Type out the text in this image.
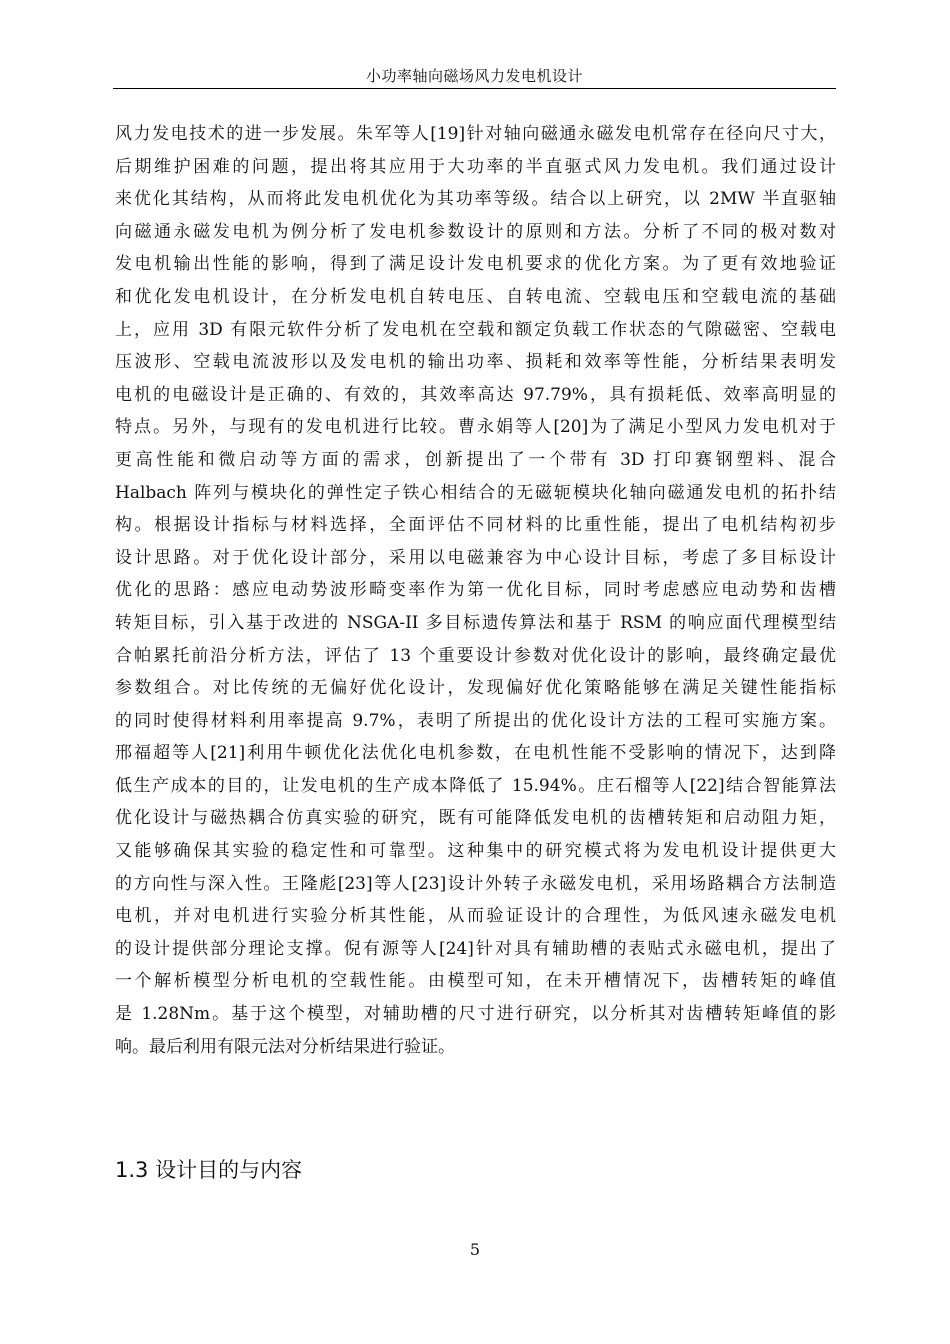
小功率轴向磁场风力发电机设计
风力发电技术的进一步发展。朱军等人[19]针对轴向磁通永磁发电机常存在径向尺寸大，
后期维护困难的问题，提出将其应用于大功率的半直驱式风力发电机。我们通过设计
来优化其结构，从而将此发电机优化为其功率等级。结合以上研究，以 2MW 半直驱轴
向磁通永磁发电机为例分析了发电机参数设计的原则和方法。分析了不同的极对数对
发电机输出性能的影响，得到了满足设计发电机要求的优化方案。为了更有效地验证
和优化发电机设计，在分析发电机自转电压、自转电流、空载电压和空载电流的基础
上，应用 3D 有限元软件分析了发电机在空载和额定负载工作状态的气隙磁密、空载电
压波形、空载电流波形以及发电机的输出功率、损耗和效率等性能，分析结果表明发
电机的电磁设计是正确的、有效的，其效率高达 97.79%，具有损耗低、效率高明显的
特点。另外，与现有的发电机进行比较。曹永娟等人[20]为了满足小型风力发电机对于
更高性能和微启动等方面的需求，创新提出了一个带有 3D 打印赛钢塑料、混合
Halbach 阵列与模块化的弹性定子铁心相结合的无磁轭模块化轴向磁通发电机的拓扑结
构。根据设计指标与材料选择，全面评估不同材料的比重性能，提出了电机结构初步
设计思路。对于优化设计部分，采用以电磁兼容为中心设计目标，考虑了多目标设计
优化的思路：感应电动势波形畸变率作为第一优化目标，同时考虑感应电动势和齿槽
转矩目标，引入基于改进的 NSGA-II 多目标遗传算法和基于 RSM 的响应面代理模型结
合帕累托前沿分析方法，评估了 13 个重要设计参数对优化设计的影响，最终确定最优
参数组合。对比传统的无偏好优化设计，发现偏好优化策略能够在满足关键性能指标
的同时使得材料利用率提高 9.7%，表明了所提出的优化设计方法的工程可实施方案。
邢福超等人[21]利用牛顿优化法优化电机参数，在电机性能不受影响的情况下，达到降
低生产成本的目的，让发电机的生产成本降低了 15.94%。庄石榴等人[22]结合智能算法
优化设计与磁热耦合仿真实验的研究，既有可能降低发电机的齿槽转矩和启动阻力矩，
又能够确保其实验的稳定性和可靠型。这种集中的研究模式将为发电机设计提供更大
的方向性与深入性。王隆彪[23]等人[23]设计外转子永磁发电机，采用场路耦合方法制造
电机，并对电机进行实验分析其性能，从而验证设计的合理性，为低风速永磁发电机
的设计提供部分理论支撑。倪有源等人[24]针对具有辅助槽的表贴式永磁电机，提出了
一个解析模型分析电机的空载性能。由模型可知，在未开槽情况下，齿槽转矩的峰值
是 1.28Nm。基于这个模型，对辅助槽的尺寸进行研究，以分析其对齿槽转矩峰值的影
响。最后利用有限元法对分析结果进行验证。
1.3 设计目的与内容
5
